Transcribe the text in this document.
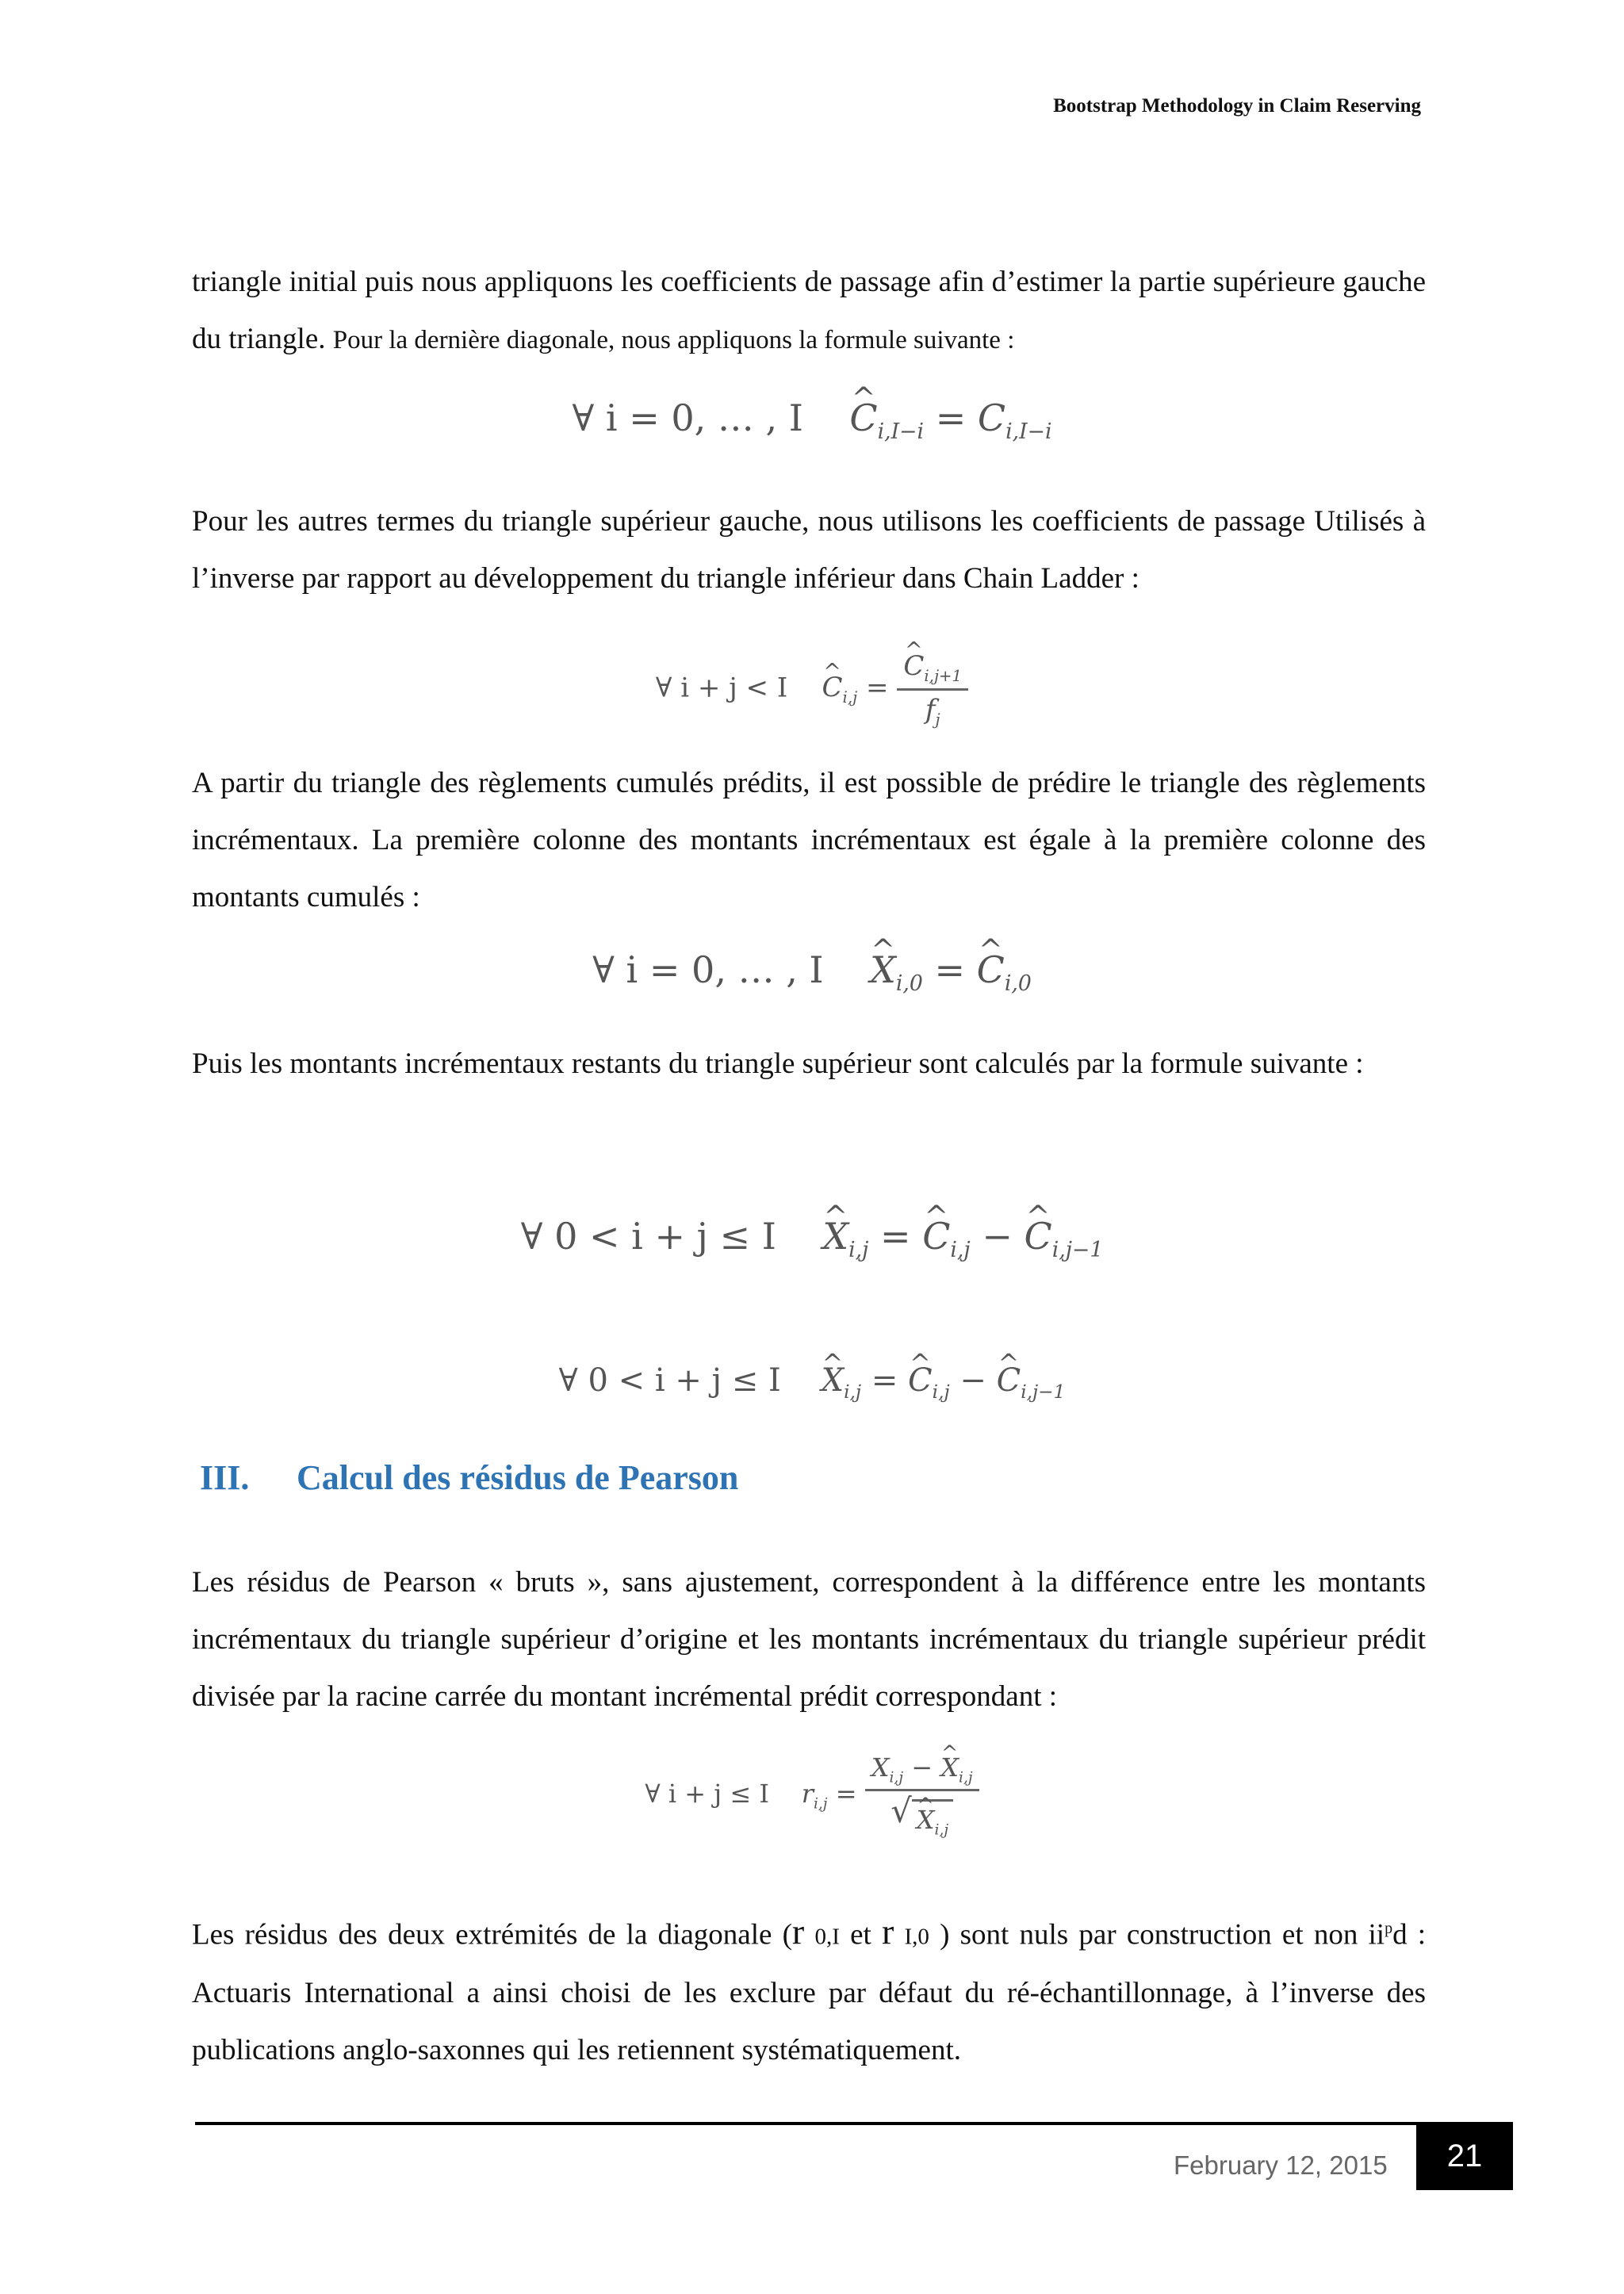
Bootstrap Methodology in Claim Reserving

triangle initial puis nous appliquons les coefficients de passage afin d’estimer la partie supérieure gauche du triangle. Pour la dernière diagonale, nous appliquons la formule suivante :

∀ i = 0, … , I    ^ $C_{i,I-i} = C_{i,I-i}$

Pour les autres termes du triangle supérieur gauche, nous utilisons les coefficients de passage Utilisés à l’inverse par rapport au développement du triangle inférieur dans Chain Ladder :

∀ i + j < I    ^ $C_{i,j}$ =
^ $\frac{C_{i,j+1}}{f_j}$

A partir du triangle des règlements cumulés prédits, il est possible de prédire le triangle des règlements incrémentaux. La première colonne des montants incrémentaux est égale à la première colonne des montants cumulés :

∀ i = 0, … , I    ^ $X_{i,0}$ = ^ $C_{i,0}$

Puis les montants incrémentaux restants du triangle supérieur sont calculés par la formule suivante :

∀ 0 < i + j ≤ I    ^ $X_{i,j}$ = ^ $C_{i,j}$ − ^ $C_{i,j-1}$
∀ 0 < i + j ≤ I    ^ $X_{i,j}$ = ^ $C_{i,j}$ − ^ $C_{i,j-1}$
III. Calcul des résidus de Pearson

Les résidus de Pearson « bruts », sans ajustement, correspondent à la différence entre les montants incrémentaux du triangle supérieur d’origine et les montants incrémentaux du triangle supérieur prédit divisée par la racine carrée du montant incrémental prédit correspondant :

∀ i + j ≤ I $r_{i,j} = X_{i,j}$ − ^ $X_{i,j}$
√
^ $X_{i,j}$

Les résidus des deux extrémités de la diagonale (r 0,I et r I,0 ) sont nuls par construction et non $ii^pd$ : Actuaris International a ainsi choisi de les exclure par défaut du ré-échantillonnage, à l’inverse des publications anglo-saxonnes qui les retiennent systématiquement.

February 12, 2015	21
